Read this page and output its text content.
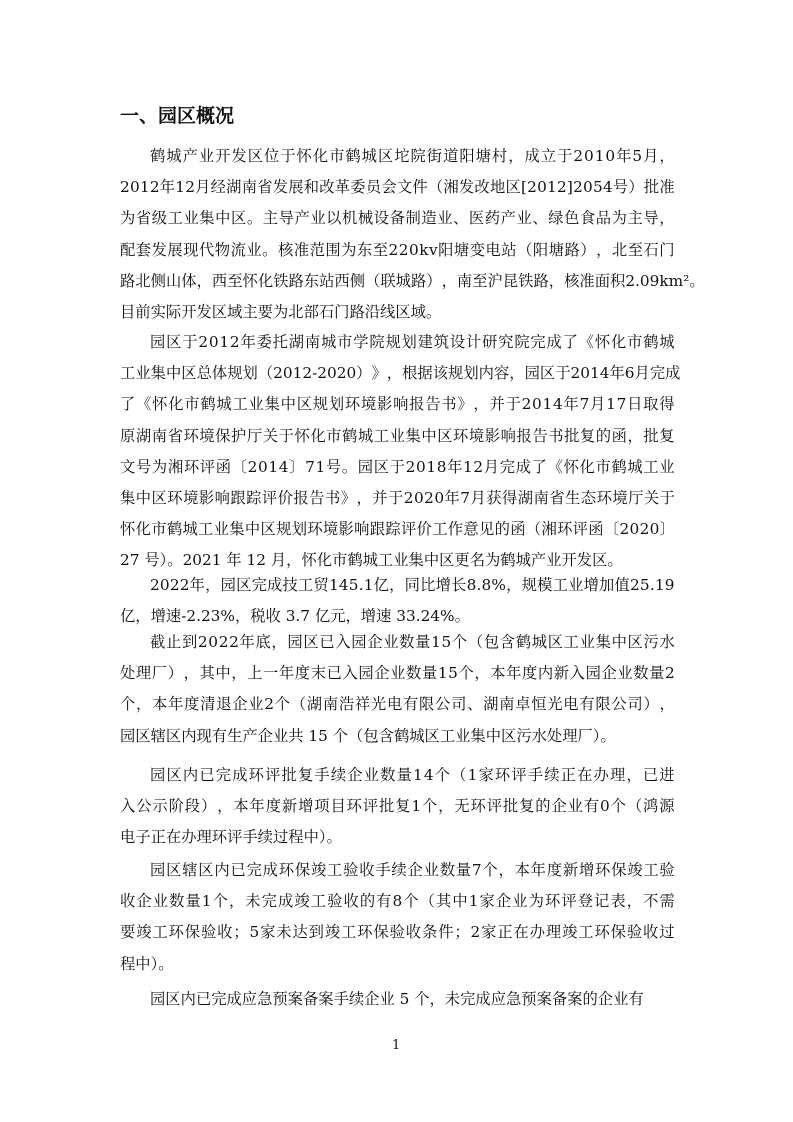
一、园区概况
鹤 城 产 业 开 发 区 位 于 怀 化 市 鹤 城 区 坨 院 街 道 阳 塘 村 ， 成 立 于 2 0 1 0 年 5 月 ，
2 0 1 2 年 1 2 月 经 湖 南 省 发 展 和 改 革 委 员 会 文 件 （ 湘 发 改 地 区 [ 2 0 1 2 ] 2 0 5 4 号 ） 批 准
为 省 级 工 业 集 中 区 。 主 导 产 业 以 机 械 设 备 制 造 业 、 医 药 产 业 、 绿 色 食 品 为 主 导 ，
配 套 发 展 现 代 物 流 业 。 核 准 范 围 为 东 至 2 2 0 k v 阳 塘 变 电 站 （ 阳 塘 路 ） ， 北 至 石 门
路 北 侧 山 体 ， 西 至 怀 化 铁 路 东 站 西 侧 （ 联 城 路 ） ， 南 至 沪 昆 铁 路 ， 核 准 面 积 2 . 0 9 k m ² 。
目前实际开发区域主要为北部石门路沿线区域。
园 区 于 2 0 1 2 年 委 托 湖 南 城 市 学 院 规 划 建 筑 设 计 研 究 院 完 成 了 《 怀 化 市 鹤 城
工 业 集 中 区 总 体 规 划 （ 2 0 1 2 - 2 0 2 0 ） 》 ， 根 据 该 规 划 内 容 ， 园 区 于 2 0 1 4 年 6 月 完 成
了 《 怀 化 市 鹤 城 工 业 集 中 区 规 划 环 境 影 响 报 告 书 》 ， 并 于 2 0 1 4 年 7 月 1 7 日 取 得
原 湖 南 省 环 境 保 护 厅 关 于 怀 化 市 鹤 城 工 业 集 中 区 环 境 影 响 报 告 书 批 复 的 函 ， 批 复
文 号 为 湘 环 评 函 〔 2 0 1 4 〕 7 1 号 。 园 区 于 2 0 1 8 年 1 2 月 完 成 了 《 怀 化 市 鹤 城 工 业
集 中 区 环 境 影 响 跟 踪 评 价 报 告 书 》 ， 并 于 2 0 2 0 年 7 月 获 得 湖 南 省 生 态 环 境 厅 关 于
怀 化 市 鹤 城 工 业 集 中 区 规 划 环 境 影 响 跟 踪 评 价 工 作 意 见 的 函 （ 湘 环 评 函 〔 2 0 2 0 〕
27 号）。2021 年 12 月，怀化市鹤城工业集中区更名为鹤城产业开发区。
2 0 2 2 年 ， 园 区 完 成 技 工 贸 1 4 5 . 1 亿 ， 同 比 增 长 8 . 8 % ， 规 模 工 业 增 加 值 2 5 . 1 9
亿，增速-2.23%，税收 3.7 亿元，增速 33.24%。
截 止 到 2 0 2 2 年 底 ， 园 区 已 入 园 企 业 数 量 1 5 个 （ 包 含 鹤 城 区 工 业 集 中 区 污 水
处 理 厂 ） ， 其 中 ， 上 一 年 度 末 已 入 园 企 业 数 量 1 5 个 ， 本 年 度 内 新 入 园 企 业 数 量 2
个 ， 本 年 度 清 退 企 业 2 个 （ 湖 南 浩 祥 光 电 有 限 公 司 、 湖 南 卓 恒 光 电 有 限 公 司 ） ，
园区辖区内现有生产企业共 15 个（包含鹤城区工业集中区污水处理厂）。
园 区 内 已 完 成 环 评 批 复 手 续 企 业 数 量 1 4 个 （ 1 家 环 评 手 续 正 在 办 理 ， 已 进
入 公 示 阶 段 ） ， 本 年 度 新 增 项 目 环 评 批 复 1 个 ， 无 环 评 批 复 的 企 业 有 0 个 （ 鸿 源
电子正在办理环评手续过程中）。
园 区 辖 区 内 已 完 成 环 保 竣 工 验 收 手 续 企 业 数 量 7 个 ， 本 年 度 新 增 环 保 竣 工 验
收 企 业 数 量 1 个 ， 未 完 成 竣 工 验 收 的 有 8 个 （ 其 中 1 家 企 业 为 环 评 登 记 表 ， 不 需
要 竣 工 环 保 验 收 ； 5 家 未 达 到 竣 工 环 保 验 收 条 件 ； 2 家 正 在 办 理 竣 工 环 保 验 收 过
程中）。
园区内已完成应急预案备案手续企业 5 个，未完成应急预案备案的企业有
1
